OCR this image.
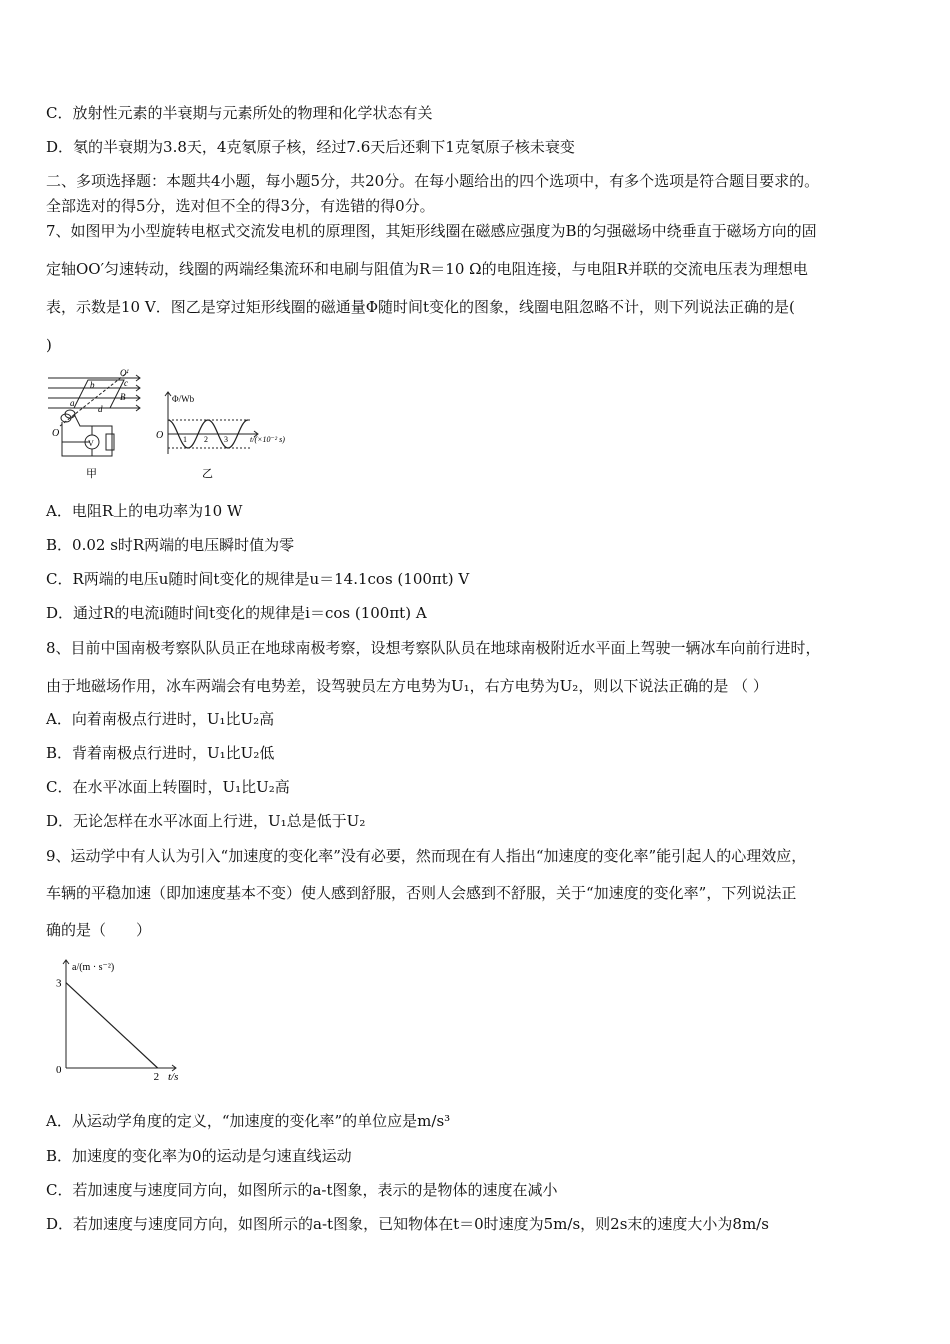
C．放射性元素的半衰期与元素所处的物理和化学状态有关
D．氡的半衰期为3.8天，4克氡原子核，经过7.6天后还剩下1克氡原子核未衰变
二、多项选择题：本题共4小题，每小题5分，共20分。在每小题给出的四个选项中，有多个选项是符合题目要求的。
全部选对的得5分，选对但不全的得3分，有选错的得0分。
7、如图甲为小型旋转电枢式交流发电机的原理图，其矩形线圈在磁感应强度为B的匀强磁场中绕垂直于磁场方向的固
定轴OO′匀速转动，线圈的两端经集流环和电刷与阻值为R＝10 Ω的电阻连接，与电阻R并联的交流电压表为理想电
表，示数是10 V．图乙是穿过矩形线圈的磁通量Φ随时间t变化的图象，线圈电阻忽略不计，则下列说法正确的是(
)
O′
b	c
a
d
B
O
V
甲
Φ/Wb
O 1 2 3	t/(×10⁻² s)
乙
A．电阻R上的电功率为10 W
B．0.02 s时R两端的电压瞬时值为零
C．R两端的电压u随时间t变化的规律是u＝14.1cos (100πt) V
D．通过R的电流i随时间t变化的规律是i＝cos (100πt) A
8、目前中国南极考察队队员正在地球南极考察，设想考察队队员在地球南极附近水平面上驾驶一辆冰车向前行进时，
由于地磁场作用，冰车两端会有电势差，设驾驶员左方电势为U₁，右方电势为U₂，则以下说法正确的是 （ ）
A．向着南极点行进时，U₁比U₂高
B．背着南极点行进时，U₁比U₂低
C．在水平冰面上转圈时，U₁比U₂高
D．无论怎样在水平冰面上行进，U₁总是低于U₂
9、运动学中有人认为引入“加速度的变化率”没有必要，然而现在有人指出“加速度的变化率”能引起人的心理效应，
车辆的平稳加速（即加速度基本不变）使人感到舒服，否则人会感到不舒服，关于“加速度的变化率”，下列说法正
确的是（　　）
a/(m · s⁻²)
3
0
2 t/s
A．从运动学角度的定义，“加速度的变化率”的单位应是m/s³
B．加速度的变化率为0的运动是匀速直线运动
C．若加速度与速度同方向，如图所示的a-t图象，表示的是物体的速度在减小
D．若加速度与速度同方向，如图所示的a-t图象，已知物体在t＝0时速度为5m/s，则2s末的速度大小为8m/s
